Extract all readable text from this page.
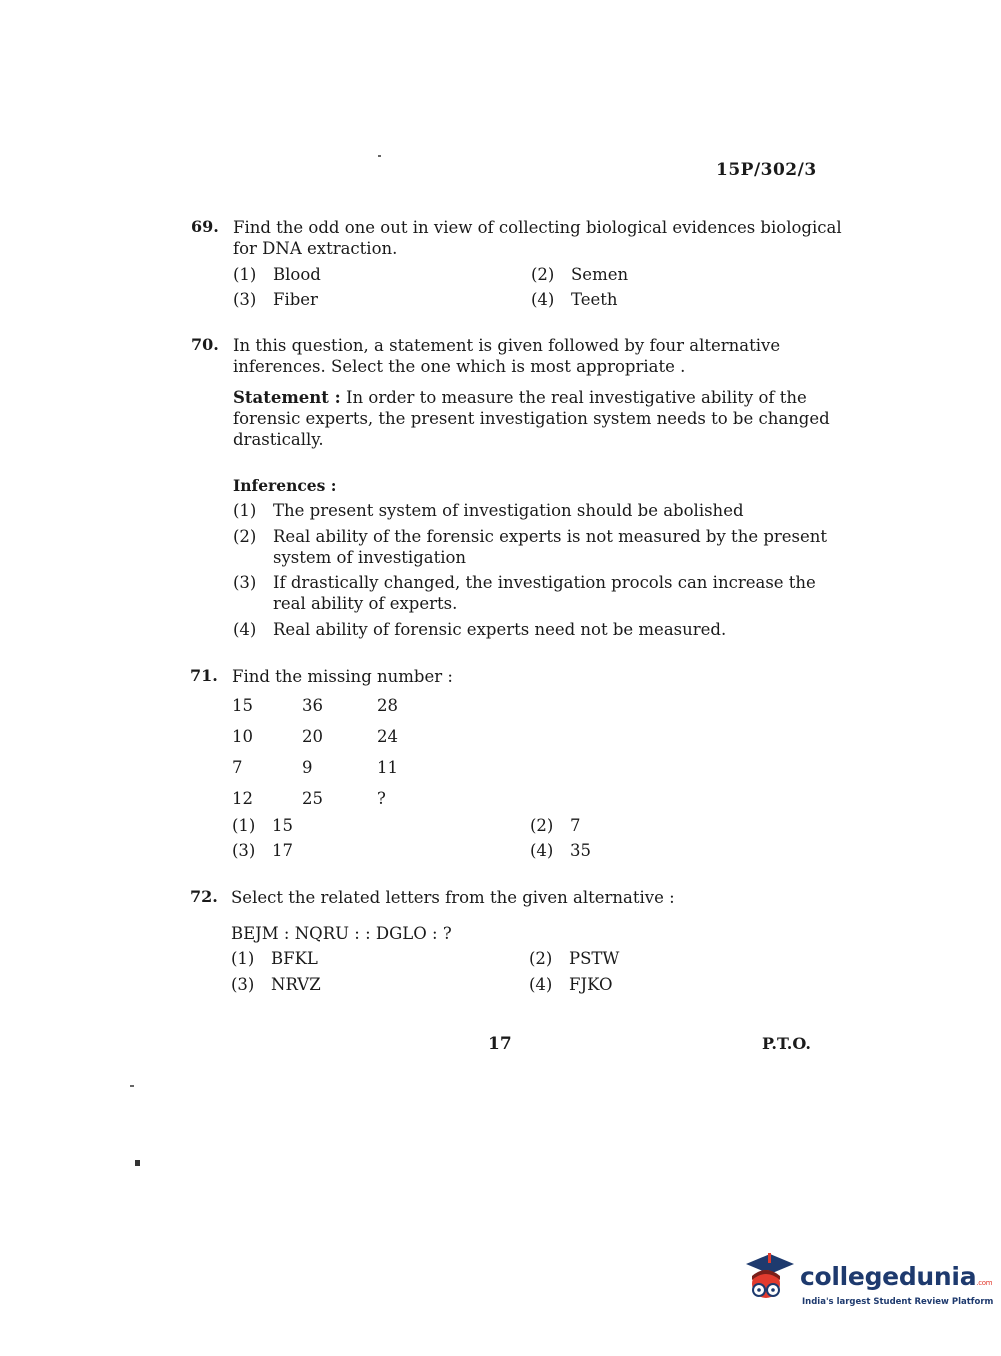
15P/302/3
69. Find the odd one out in view of collecting biological evidences biological
for DNA extraction.
(1) Blood	(2) Semen
(3) Fiber	(4) Teeth
70. In this question, a statement is given followed by four alternative
inferences. Select the one which is most appropriate .
Statement : In order to measure the real investigative ability of the
forensic experts, the present investigation system needs to be changed
drastically.
Inferences :
(1) The present system of investigation should be abolished
(2) Real ability of the forensic experts is not measured by the present
system of investigation
(3) If drastically changed, the investigation procols can increase the
real ability of experts.
(4) Real ability of forensic experts need not be measured.
71. Find the missing number :
15	36	28
10	20	24
7	9	11
12	25	?
(1) 15	(2) 7
(3) 17	(4) 35
72. Select the related letters from the given alternative :
BEJM : NQRU : : DGLO : ?
(1) BFKL	(2) PSTW
(3) NRVZ	(4) FJKO
17	P.T.O.
collegedunia.com
India's largest Student Review Platform
